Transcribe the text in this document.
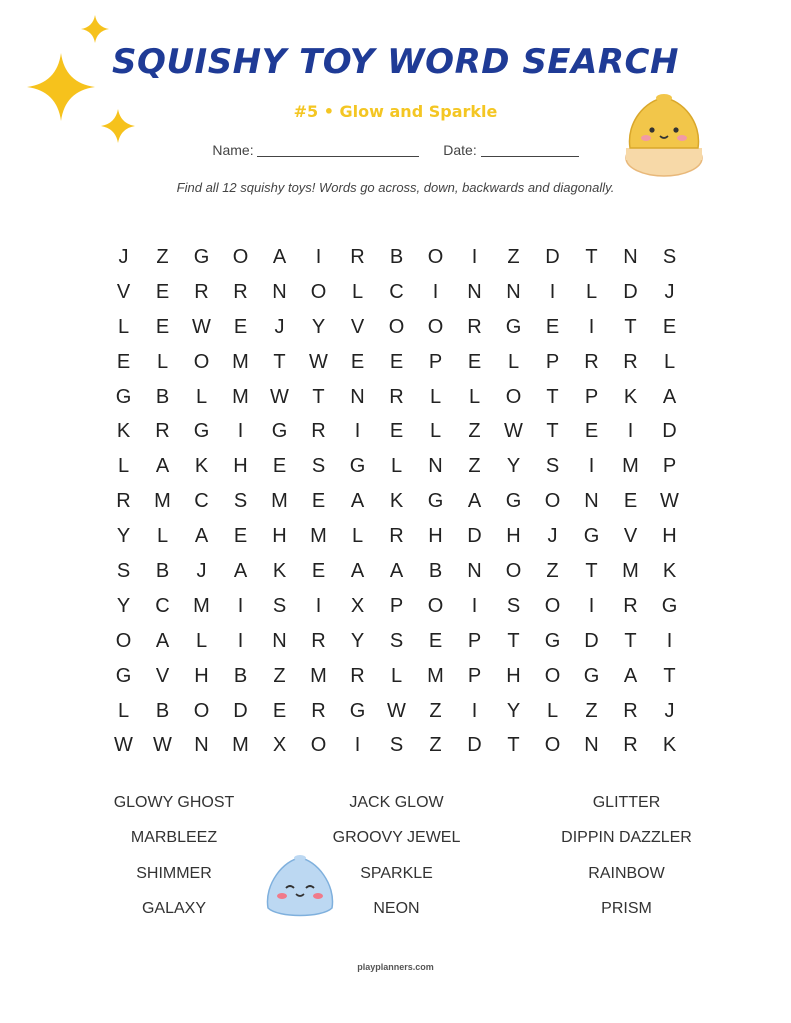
SQUISHY TOY WORD SEARCH
#5 • Glow and Sparkle
Name:	Date:
Find all 12 squishy toys! Words go across, down, backwards and diagonally.
J	Z	G	O	A	I	R	B	O	I	Z	D	T	N	S
V	E	R	R	N	O	L	C	I	N	N	I	L	D	J
L	E	W	E	J	Y	V	O	O	R	G	E	I	T	E
E	L	O	M	T	W	E	E	P	E	L	P	R	R	L
G	B	L	M	W	T	N	R	L	L	O	T	P	K	A
K	R	G	I	G	R	I	E	L	Z	W	T	E	I	D
L	A	K	H	E	S	G	L	N	Z	Y	S	I	M	P
R	M	C	S	M	E	A	K	G	A	G	O	N	E	W
Y	L	A	E	H	M	L	R	H	D	H	J	G	V	H
S	B	J	A	K	E	A	A	B	N	O	Z	T	M	K
Y	C	M	I	S	I	X	P	O	I	S	O	I	R	G
O	A	L	I	N	R	Y	S	E	P	T	G	D	T	I
G	V	H	B	Z	M	R	L	M	P	H	O	G	A	T
L	B	O	D	E	R	G	W	Z	I	Y	L	Z	R	J
W	W	N	M	X	O	I	S	Z	D	T	O	N	R	K
GLOWY GHOST	JACK GLOW	GLITTER
MARBLEEZ	GROOVY JEWEL	DIPPIN DAZZLER
SHIMMER	SPARKLE	RAINBOW
GALAXY	NEON	PRISM
playplanners.com
